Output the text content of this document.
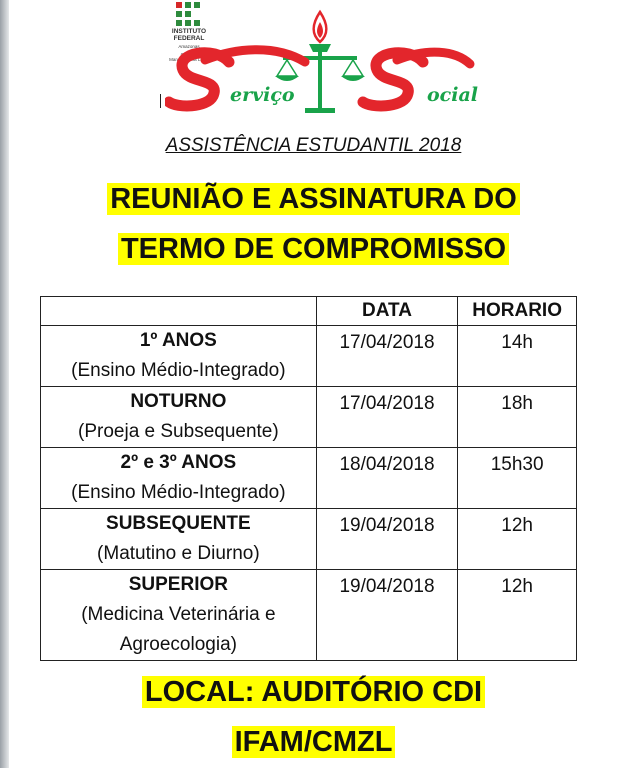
INSTITUTO
FEDERAL
Amazonas
Campus
Manaus Zona Leste
erviço	ocial
ASSISTÊNCIA ESTUDANTIL 2018
REUNIÃO E ASSINATURA DO
TERMO DE COMPROMISSO
	DATA	HORARIO

1º ANOS
(Ensino Médio-Integrado)	17/04/2018	14h

NOTURNO
(Proeja e Subsequente)	17/04/2018	18h

2º e 3º ANOS
(Ensino Médio-Integrado)	18/04/2018	15h30

SUBSEQUENTE
(Matutino e Diurno)	19/04/2018	12h

SUPERIOR
(Medicina Veterinária e
Agroecologia)	19/04/2018	12h
LOCAL: AUDITÓRIO CDI
IFAM/CMZL
